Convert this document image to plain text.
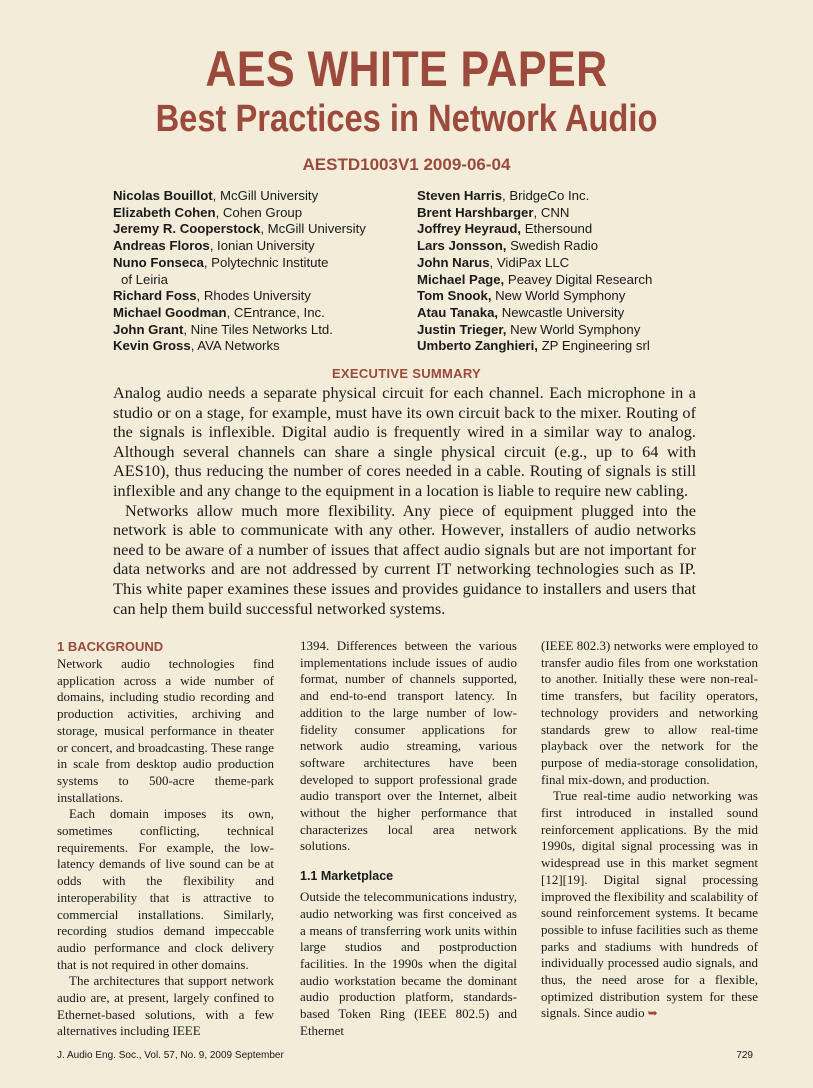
AES WHITE PAPER
Best Practices in Network Audio
AESTD1003V1 2009-06-04
Nicolas Bouillot, McGill University
Elizabeth Cohen, Cohen Group
Jeremy R. Cooperstock, McGill University
Andreas Floros, Ionian University
Nuno Fonseca, Polytechnic Institute
of Leiria
Richard Foss, Rhodes University
Michael Goodman, CEntrance, Inc.
John Grant, Nine Tiles Networks Ltd.
Kevin Gross, AVA Networks
Steven Harris, BridgeCo Inc.
Brent Harshbarger, CNN
Joffrey Heyraud, Ethersound
Lars Jonsson, Swedish Radio
John Narus, VidiPax LLC
Michael Page, Peavey Digital Research
Tom Snook, New World Symphony
Atau Tanaka, Newcastle University
Justin Trieger, New World Symphony
Umberto Zanghieri, ZP Engineering srl
EXECUTIVE SUMMARY

Analog audio needs a separate physical circuit for each channel. Each microphone in a studio or on a stage, for example, must have its own circuit back to the mixer. Routing of the signals is inflexible. Digital audio is frequently wired in a similar way to analog. Although several channels can share a single physical circuit (e.g., up to 64 with AES10), thus reducing the number of cores needed in a cable. Routing of signals is still inflexible and any change to the equipment in a location is liable to require new cabling.

Networks allow much more flexibility. Any piece of equipment plugged into the network is able to communicate with any other. However, installers of audio networks need to be aware of a number of issues that affect audio signals but are not important for data networks and are not addressed by current IT networking technologies such as IP. This white paper examines these issues and provides guidance to installers and users that can help them build successful networked systems.

1 BACKGROUND

Network audio technologies find application across a wide number of domains, including studio recording and production activities, archiving and storage, musical performance in theater or concert, and broadcasting. These range in scale from desktop audio production systems to 500-acre theme-park installations.

Each domain imposes its own, sometimes conflicting, technical requirements. For example, the low-latency demands of live sound can be at odds with the flexibility and interoperability that is attractive to commercial installations. Similarly, recording studios demand impeccable audio performance and clock delivery that is not required in other domains.

The architectures that support network audio are, at present, largely confined to Ethernet-based solutions, with a few alternatives including IEEE

1394. Differences between the various implementations include issues of audio format, number of channels supported, and end-to-end transport latency. In addition to the large number of low-fidelity consumer applications for network audio streaming, various software architectures have been developed to support professional grade audio transport over the Internet, albeit without the higher performance that characterizes local area network solutions.

1.1 Marketplace

Outside the telecommunications industry, audio networking was first conceived as a means of transferring work units within large studios and postproduction facilities. In the 1990s when the digital audio workstation became the dominant audio production platform, standards-based Token Ring (IEEE 802.5) and Ethernet

(IEEE 802.3) networks were employed to transfer audio files from one workstation to another. Initially these were non-real-time transfers, but facility operators, technology providers and networking standards grew to allow real-time playback over the network for the purpose of media-storage consolidation, final mix-down, and production.

True real-time audio networking was first introduced in installed sound reinforcement applications. By the mid 1990s, digital signal processing was in widespread use in this market segment [12][19]. Digital signal processing improved the flexibility and scalability of sound reinforcement systems. It became possible to infuse facilities such as theme parks and stadiums with hundreds of individually processed audio signals, and thus, the need arose for a flexible, optimized distribution system for these signals. Since audio ➥

J. Audio Eng. Soc., Vol. 57, No. 9, 2009 September	729
